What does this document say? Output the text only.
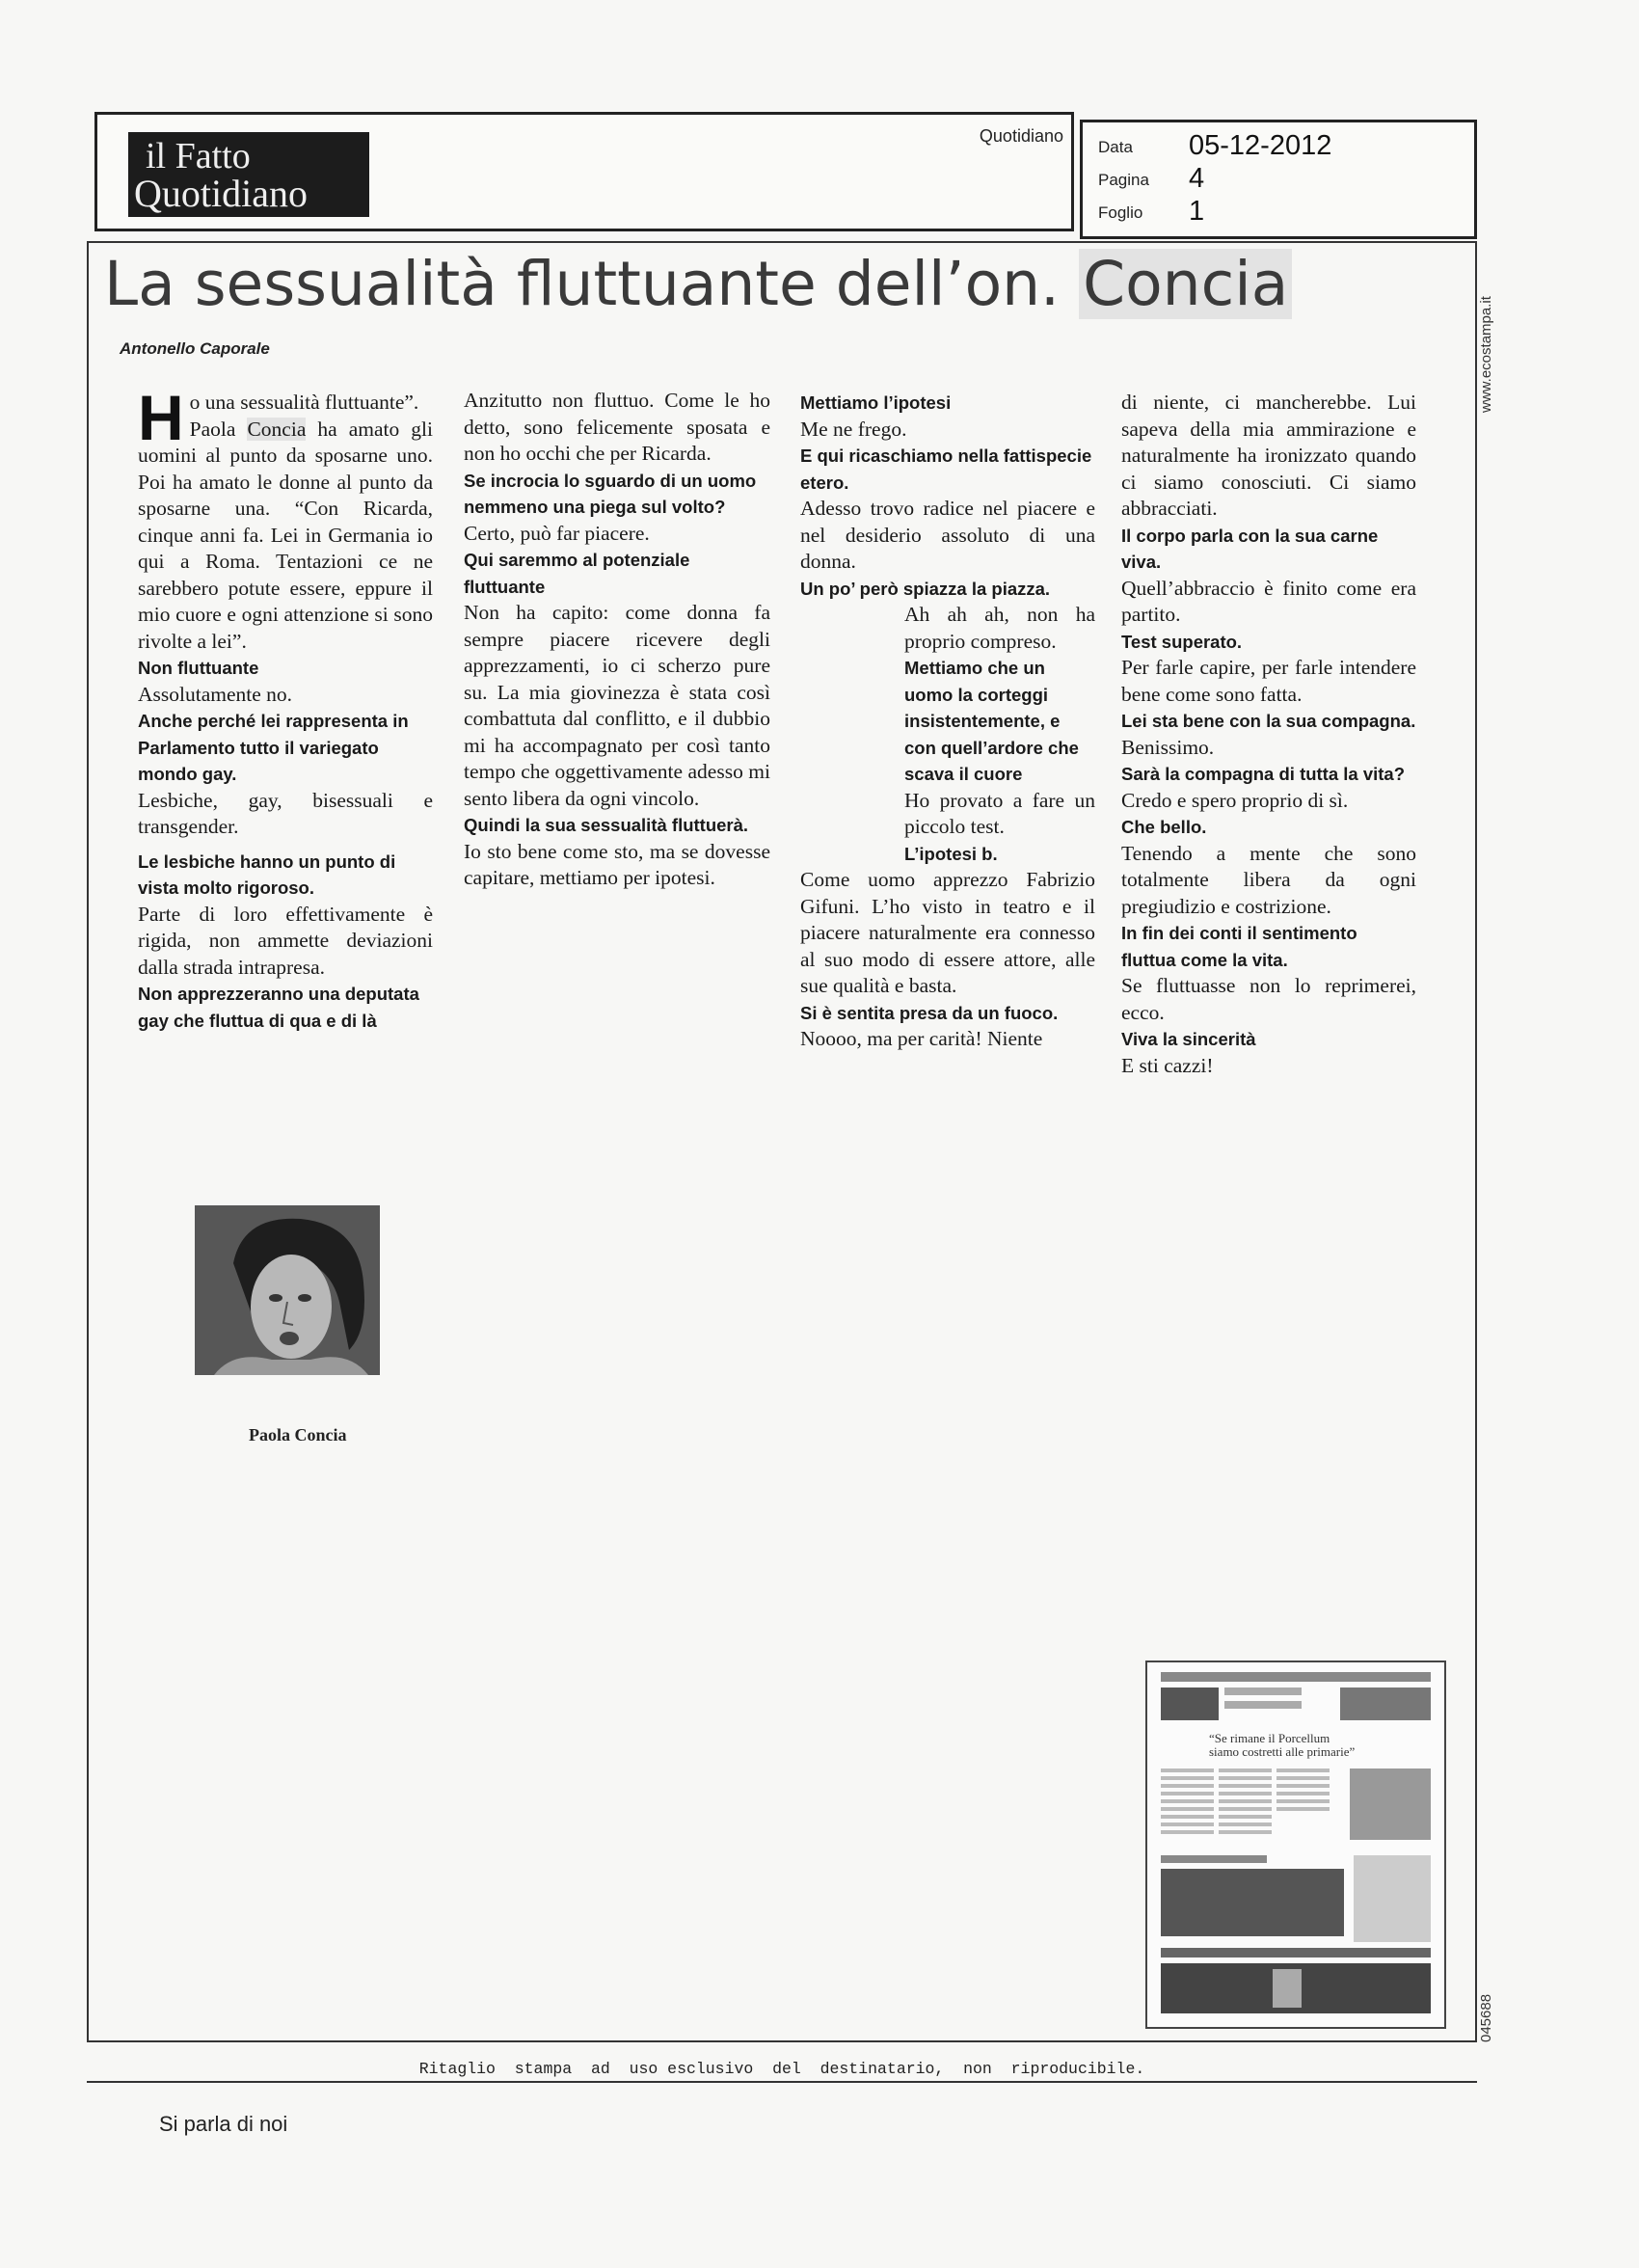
il Fatto
Quotidiano
Quotidiano
Data 05-12-2012
Pagina 4
Foglio 1
La sessualità fluttuante dell’on. Concia
Antonello Caporale

Ho una sessualità fluttuante”.

Paola Concia ha amato gli uomini al punto da sposarne uno. Poi ha amato le donne al punto da sposarne una. “Con Ricarda, cinque anni fa. Lei in Germania io qui a Roma. Tentazioni ce ne sarebbero potute essere, eppure il mio cuore e ogni attenzione si sono rivolte a lei”.

Non fluttuante

Assolutamente no.

Anche perché lei rappresenta in Parlamento tutto il variegato mondo gay.

Lesbiche, gay, bisessuali e transgender.

Le lesbiche hanno un punto di vista molto rigoroso.

Parte di loro effettivamente è rigida, non ammette deviazioni dalla strada intrapresa.

Non apprezzeranno una deputata gay che fluttua di qua e di là

Anzitutto non fluttuo. Come le ho detto, sono felicemente sposata e non ho occhi che per Ricarda.

Se incrocia lo sguardo di un uomo nemmeno una piega sul volto?

Certo, può far piacere.

Qui saremmo al potenziale fluttuante

Non ha capito: come donna fa sempre piacere ricevere degli apprezzamenti, io ci scherzo pure su. La mia giovinezza è stata così combattuta dal conflitto, e il dubbio mi ha accompagnato per così tanto tempo che oggettivamente adesso mi sento libera da ogni vincolo.

Quindi la sua sessualità fluttuerà.

Io sto bene come sto, ma se dovesse capitare, mettiamo per ipotesi.

Mettiamo l’ipotesi

Me ne frego.

E qui ricaschiamo nella fattispecie etero.

Adesso trovo radice nel piacere e nel desiderio assoluto di una donna.

Un po’ però spiazza la piazza.

Ah ah ah, non ha proprio compreso.

Mettiamo che un uomo la corteggi insistentemente, e con quell’ardore che scava il cuore

Ho provato a fare un piccolo test.

L’ipotesi b.

Come uomo apprezzo Fabrizio Gifuni. L’ho visto in teatro e il piacere naturalmente era connesso al suo modo di essere attore, alle sue qualità e basta.

Si è sentita presa da un fuoco.

Noooo, ma per carità! Niente

di niente, ci mancherebbe. Lui sapeva della mia ammirazione e naturalmente ha ironizzato quando ci siamo conosciuti. Ci siamo abbracciati.

Il corpo parla con la sua carne viva.

Quell’abbraccio è finito come era partito.

Test superato.

Per farle capire, per farle intendere bene come sono fatta.

Lei sta bene con la sua compagna.

Benissimo.

Sarà la compagna di tutta la vita?

Credo e spero proprio di sì.

Che bello.

Tenendo a mente che sono totalmente libera da ogni pregiudizio e costrizione.

In fin dei conti il sentimento fluttua come la vita.

Se fluttuasse non lo reprimerei, ecco.

Viva la sincerità

E sti cazzi!

Paola Concia
“Se rimane il Porcellum
siamo costretti alle primarie”
www.ecostampa.it
045688
Ritaglio  stampa  ad  uso esclusivo  del  destinatario,  non  riproducibile.
Si parla di noi
